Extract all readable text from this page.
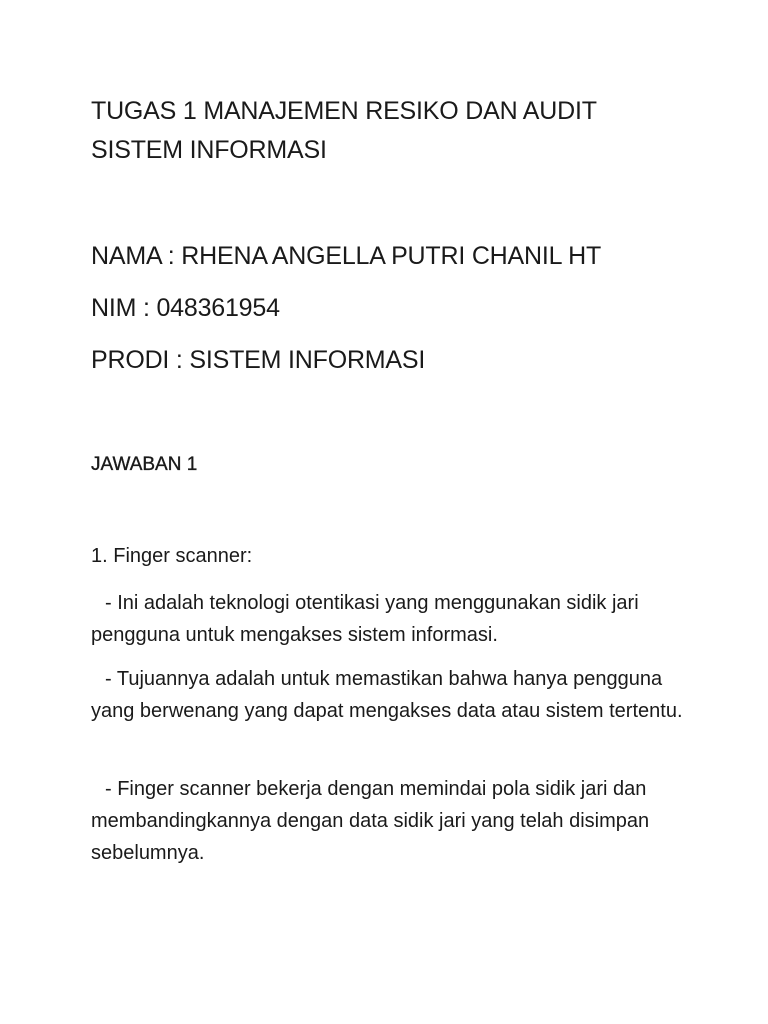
TUGAS 1 MANAJEMEN RESIKO DAN AUDIT SISTEM INFORMASI

NAMA : RHENA ANGELLA PUTRI CHANIL HT

NIM : 048361954

PRODI : SISTEM INFORMASI

JAWABAN 1

1. Finger scanner:

- Ini adalah teknologi otentikasi yang menggunakan sidik jari pengguna untuk mengakses sistem informasi.

- Tujuannya adalah untuk memastikan bahwa hanya pengguna yang berwenang yang dapat mengakses data atau sistem tertentu.

- Finger scanner bekerja dengan memindai pola sidik jari dan membandingkannya dengan data sidik jari yang telah disimpan sebelumnya.
